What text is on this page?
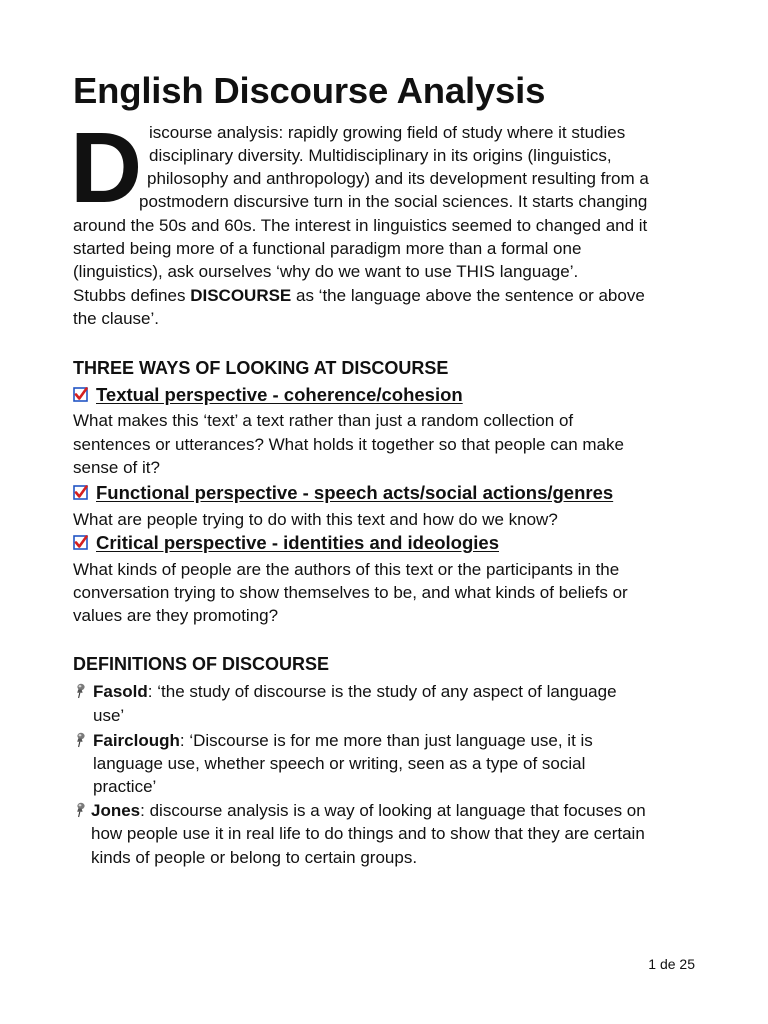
English Discourse Analysis
D iscourse analysis: rapidly growing field of study where it studies
disciplinary diversity. Multidisciplinary in its origins (linguistics,
philosophy and anthropology) and its development resulting from a
postmodern discursive turn in the social sciences. It starts changing
around the 50s and 60s. The interest in linguistics seemed to changed and it
started being more of a functional paradigm more than a formal one
(linguistics), ask ourselves ‘why do we want to use THIS language’.
Stubbs defines DISCOURSE as ‘the language above the sentence or above
the clause’.
THREE WAYS OF LOOKING AT DISCOURSE
Textual perspective - coherence/cohesion
What makes this ‘text’ a text rather than just a random collection of
sentences or utterances? What holds it together so that people can make
sense of it?
Functional perspective - speech acts/social actions/genres
What are people trying to do with this text and how do we know?
Critical perspective - identities and ideologies
What kinds of people are the authors of this text or the participants in the
conversation trying to show themselves to be, and what kinds of beliefs or
values are they promoting?
DEFINITIONS OF DISCOURSE
Fasold: ‘the study of discourse is the study of any aspect of language
use’
Fairclough: ‘Discourse is for me more than just language use, it is
language use, whether speech or writing, seen as a type of social
practice’
Jones: discourse analysis is a way of looking at language that focuses on
how people use it in real life to do things and to show that they are certain
kinds of people or belong to certain groups.
1 de 25
